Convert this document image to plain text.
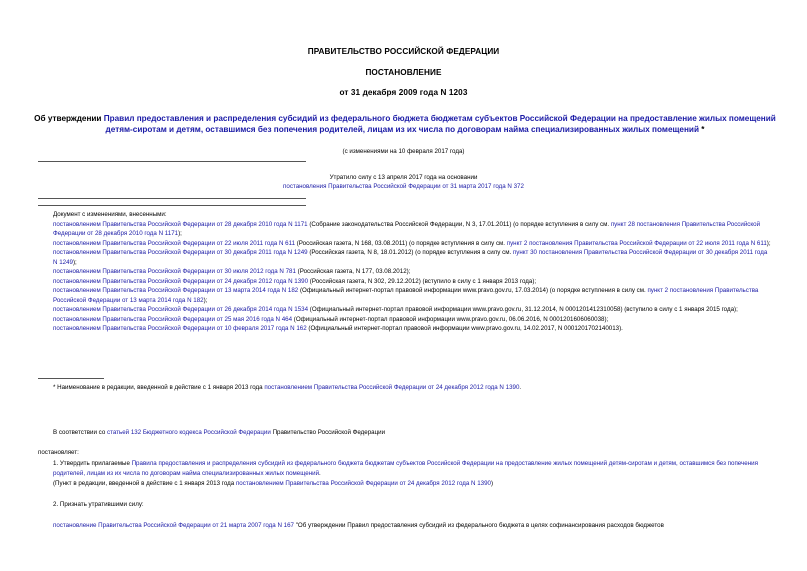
ПРАВИТЕЛЬСТВО РОССИЙСКОЙ ФЕДЕРАЦИИ
ПОСТАНОВЛЕНИЕ
от 31 декабря 2009 года N 1203
Об утверждении Правил предоставления и распределения субсидий из федерального бюджета бюджетам субъектов Российской Федерации на предоставление жилых помещений детям-сиротам и детям, оставшимся без попечения родителей, лицам из их числа по договорам найма специализированных жилых помещений *
(с изменениями на 10 февраля 2017 года)
Утратило силу с 13 апреля 2017 года на основании
постановления Правительства Российской Федерации от 31 марта 2017 года N 372
Документ с изменениями, внесенными:
постановлением Правительства Российской Федерации от 28 декабря 2010 года N 1171 (Собрание законодательства Российской Федерации, N 3, 17.01.2011) (о порядке вступления в силу см. пункт 28 постановления Правительства Российской Федерации от 28 декабря 2010 года N 1171);
постановлением Правительства Российской Федерации от 22 июля 2011 года N 611 (Российская газета, N 168, 03.08.2011) (о порядке вступления в силу см. пункт 2 постановления Правительства Российской Федерации от 22 июля 2011 года N 611);
постановлением Правительства Российской Федерации от 30 декабря 2011 года N 1249 (Российская газета, N 8, 18.01.2012) (о порядке вступления в силу см. пункт 30 постановления Правительства Российской Федерации от 30 декабря 2011 года N 1249);
постановлением Правительства Российской Федерации от 30 июля 2012 года N 781 (Российская газета, N 177, 03.08.2012);
постановлением Правительства Российской Федерации от 24 декабря 2012 года N 1390 (Российская газета, N 302, 29.12.2012) (вступило в силу с 1 января 2013 года);
постановлением Правительства Российской Федерации от 13 марта 2014 года N 182 (Официальный интернет-портал правовой информации www.pravo.gov.ru, 17.03.2014) (о порядке вступления в силу см. пункт 2 постановления Правительства Российской Федерации от 13 марта 2014 года N 182);
постановлением Правительства Российской Федерации от 26 декабря 2014 года N 1534 (Официальный интернет-портал правовой информации www.pravo.gov.ru, 31.12.2014, N 0001201412310058) (вступило в силу с 1 января 2015 года);
постановлением Правительства Российской Федерации от 25 мая 2016 года N 464 (Официальный интернет-портал правовой информации www.pravo.gov.ru, 06.06.2016, N 0001201606060038);
постановлением Правительства Российской Федерации от 10 февраля 2017 года N 162 (Официальный интернет-портал правовой информации www.pravo.gov.ru, 14.02.2017, N 0001201702140013).
* Наименование в редакции, введенной в действие с 1 января 2013 года постановлением Правительства Российской Федерации от 24 декабря 2012 года N 1390.
В соответствии со статьей 132 Бюджетного кодекса Российской Федерации Правительство Российской Федерации
постановляет:
1. Утвердить прилагаемые Правила предоставления и распределения субсидий из федерального бюджета бюджетам субъектов Российской Федерации на предоставление жилых помещений детям-сиротам и детям, оставшимся без попечения родителей, лицам из их числа по договорам найма специализированных жилых помещений.
(Пункт в редакции, введенной в действие с 1 января 2013 года постановлением Правительства Российской Федерации от 24 декабря 2012 года N 1390)
2. Признать утратившими силу:
постановление Правительства Российской Федерации от 21 марта 2007 года N 167 "Об утверждении Правил предоставления субсидий из федерального бюджета в целях софинансирования расходов бюджетов
